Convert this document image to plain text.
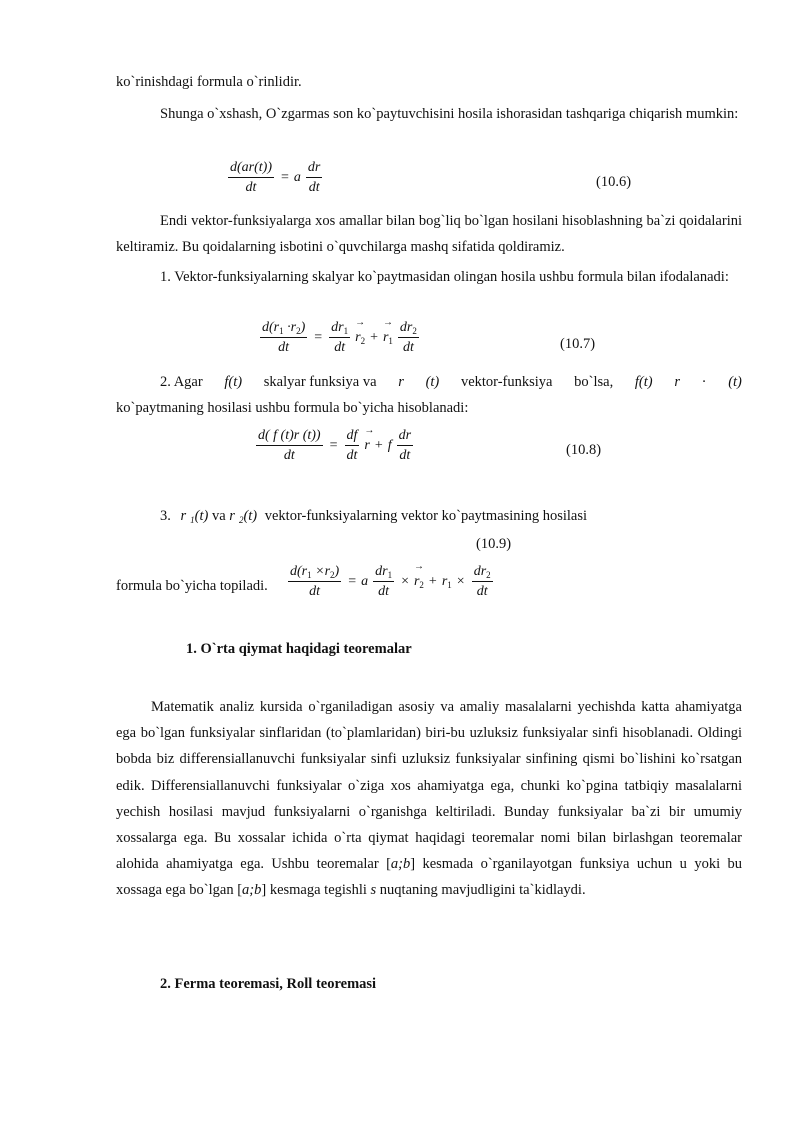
ko`rinishdagi formula o`rinlidir.
Shunga o`xshash, O`zgarmas son ko`paytuvchisini hosila ishorasidan tashqariga chiqarish mumkin:
$\frac{d(ar(t))}{dt} = a \frac{dr}{dt}$	(10.6)
Endi vektor-funksiyalarga xos amallar bilan bog`liq bo`lgan hosilani hisoblashning ba`zi qoidalarini keltiramiz. Bu qoidalarning isbotini o`quvchilarga mashq sifatida qoldiramiz.
1. Vektor-funksiyalarning skalyar ko`paytmasidan olingan hosila ushbu formula bilan ifodalanadi:
$\frac{d(r_1 \cdot r_2)}{dt} = \frac{dr_1}{dt}$
→ $r_2$ +
→ $r_1 \frac{dr_2}{dt}$	(10.7)
2. Agar f(t) skalyar funksiya va r (t) vektor-funksiya bo`lsa, f(t) r · (t)
ko`paytmaning hosilasi ushbu formula bo`yicha hisoblanadi:
$\frac{d( f (t)r (t))}{dt} = \frac{df}{dt}$
→ r + f $\frac{dr}{dt}$	(10.8)
3. r $_1$(t) va r $_2$(t) vektor-funksiyalarning vektor ko`paytmasining hosilasi
(10.9)
formula bo`yicha topiladi. $\frac{d(r_1 \times r_2)}{dt} = a \frac{dr_1}{dt}$ ×
→ $r_2 + r_1 \times \frac{dr_2}{dt}$
1. O`rta qiymat haqidagi teoremalar
Matematik analiz kursida o`rganiladigan asosiy va amaliy masalalarni yechishda katta ahamiyatga ega bo`lgan funksiyalar sinflaridan (to`plamlaridan) biri-bu uzluksiz funksiyalar sinfi hisoblanadi. Oldingi bobda biz differensiallanuvchi funksiyalar sinfi uzluksiz funksiyalar sinfining qismi bo`lishini ko`rsatgan edik. Differensiallanuvchi funksiyalar o`ziga xos ahamiyatga ega, chunki ko`pgina tatbiqiy masalalarni yechish hosilasi mavjud funksiyalarni o`rganishga keltiriladi. Bunday funksiyalar ba`zi bir umumiy xossalarga ega. Bu xossalar ichida o`rta qiymat haqidagi teoremalar nomi bilan birlashgan teoremalar alohida ahamiyatga ega. Ushbu teoremalar [a;b] kesmada o`rganilayotgan funksiya uchun u yoki bu xossaga ega bo`lgan [a;b] kesmaga tegishli s nuqtaning mavjudligini ta`kidlaydi.
2. Ferma teoremasi, Roll teoremasi
